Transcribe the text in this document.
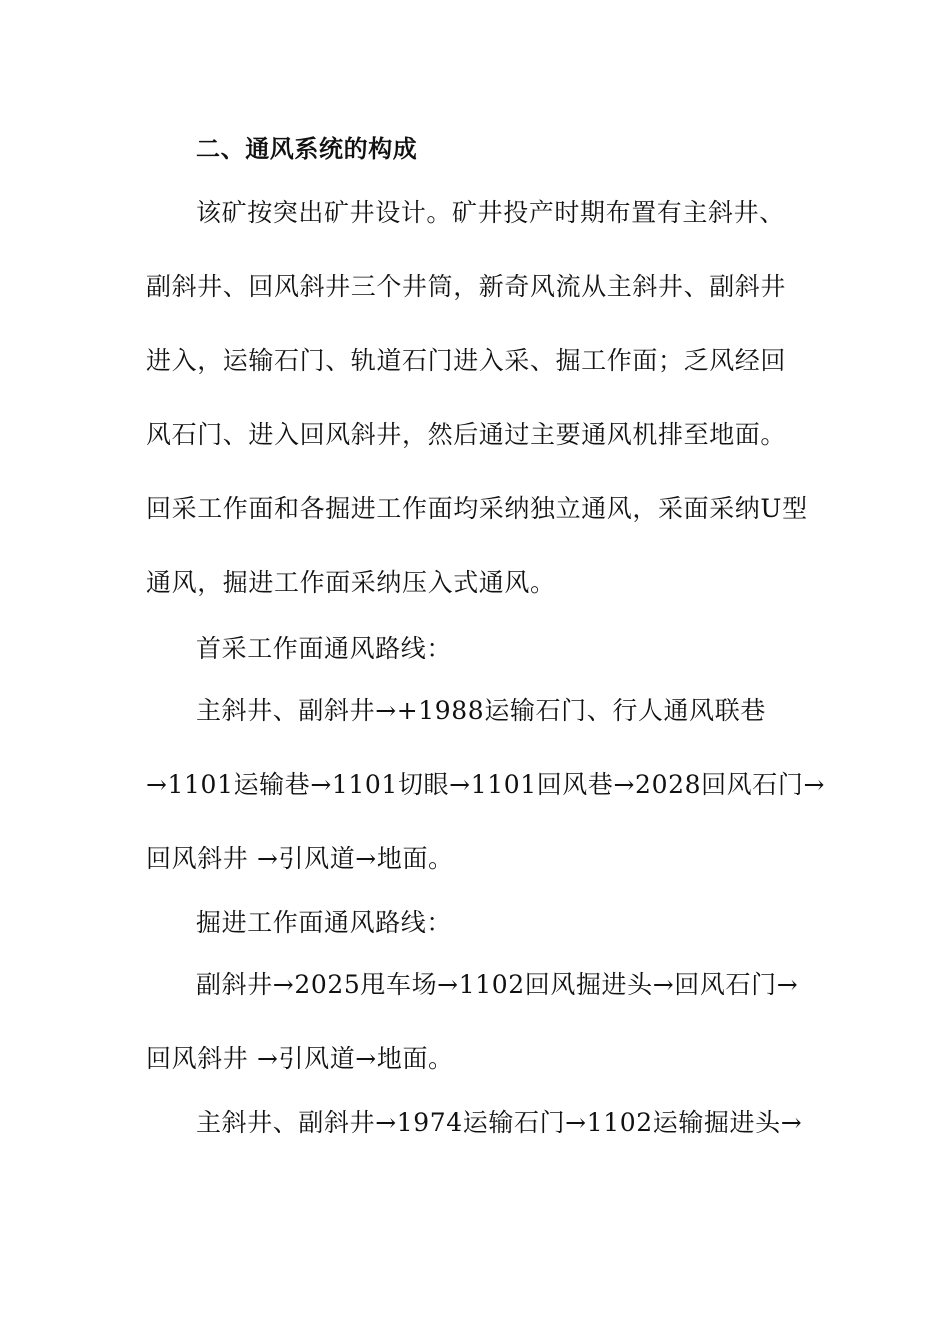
二、通风系统的构成
该矿按突出矿井设计。矿井投产时期布置有主斜井、
副斜井、回风斜井三个井筒，新奇风流从主斜井、副斜井
进入，运输石门、轨道石门进入采、掘工作面；乏风经回
风石门、进入回风斜井，然后通过主要通风机排至地面。
回采工作面和各掘进工作面均采纳独立通风，采面采纳U型
通风，掘进工作面采纳压入式通风。
首采工作面通风路线：
主斜井、副斜井→+1988运输石门、行人通风联巷
→1101运输巷→1101切眼→1101回风巷→2028回风石门→
回风斜井 →引风道→地面。
掘进工作面通风路线：
副斜井→2025甩车场→1102回风掘进头→回风石门→
回风斜井 →引风道→地面。
主斜井、副斜井→1974运输石门→1102运输掘进头→
